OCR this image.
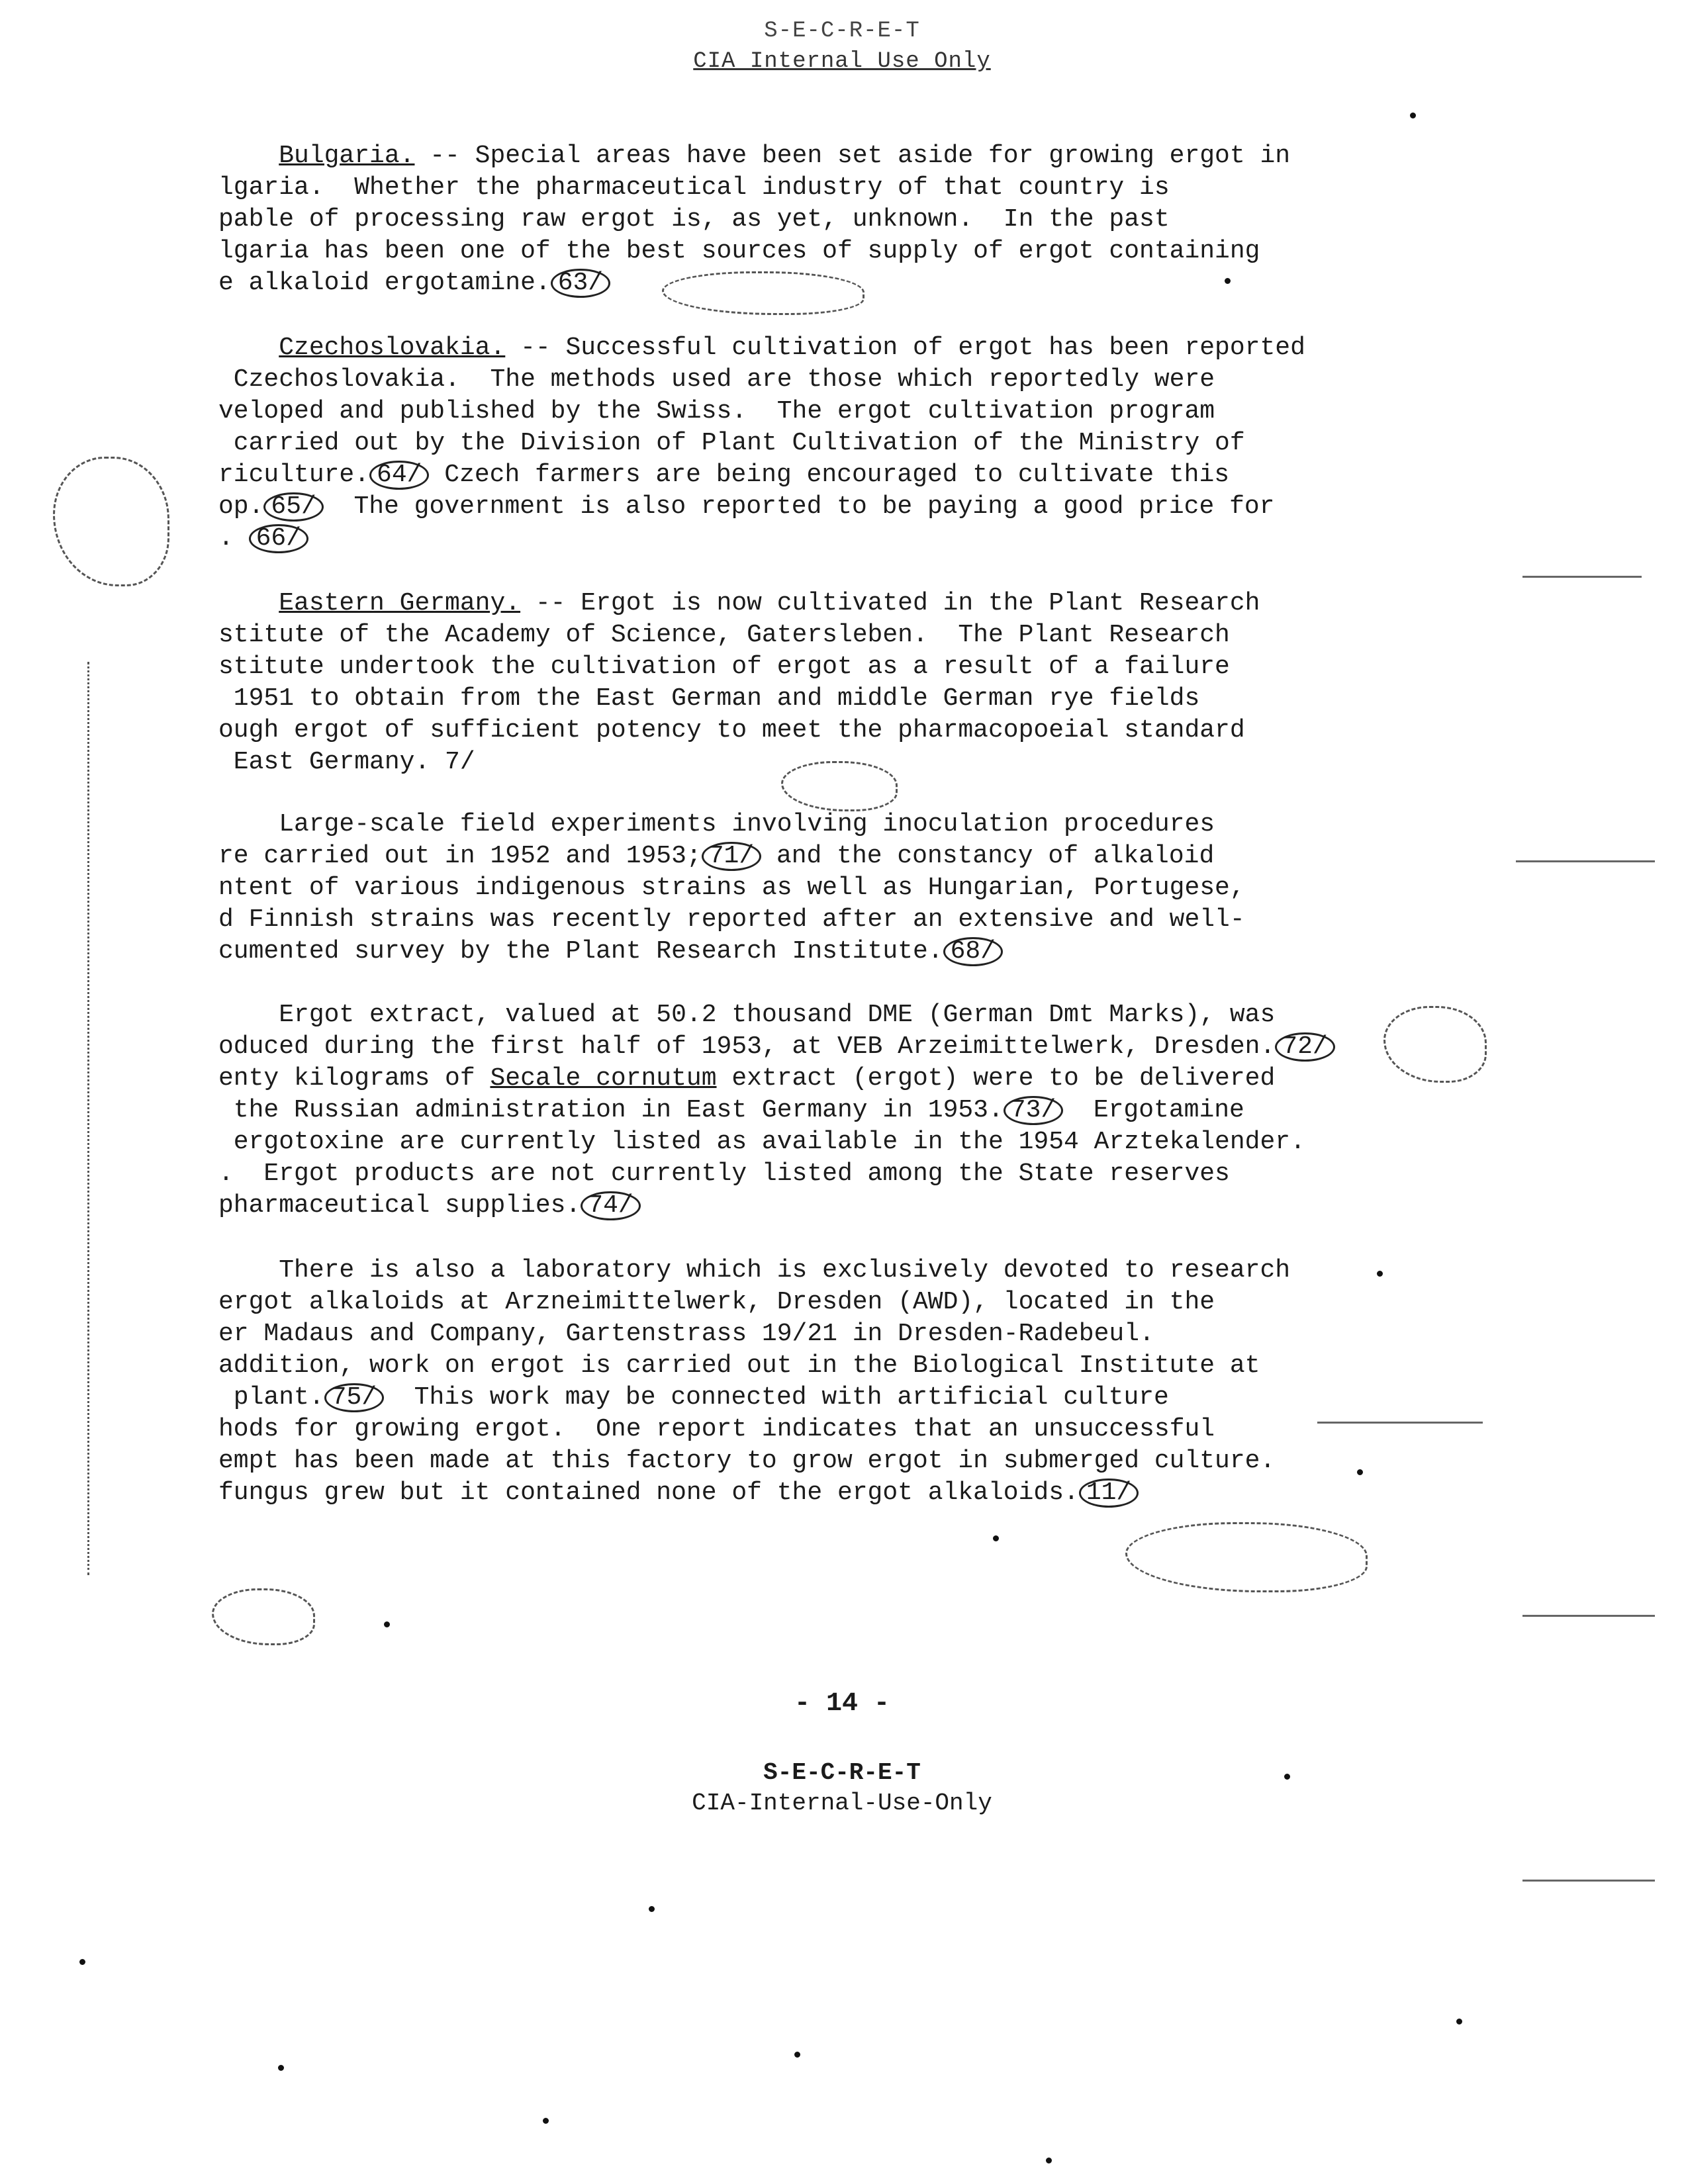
S-E-C-R-E-T
CIA Internal Use Only
Bulgaria. -- Special areas have been set aside for growing ergot in
lgaria.  Whether the pharmaceutical industry of that country is
pable of processing raw ergot is, as yet, unknown.  In the past
lgaria has been one of the best sources of supply of ergot containing
e alkaloid ergotamine. 63/
Czechoslovakia. -- Successful cultivation of ergot has been reported
Czechoslovakia.  The methods used are those which reportedly were
veloped and published by the Swiss.  The ergot cultivation program
carried out by the Division of Plant Cultivation of the Ministry of
riculture. 64/ Czech farmers are being encouraged to cultivate this
op. 65/  The government is also reported to be paying a good price for
. 66/
Eastern Germany. -- Ergot is now cultivated in the Plant Research
stitute of the Academy of Science, Gatersleben.  The Plant Research
stitute undertook the cultivation of ergot as a result of a failure
1951 to obtain from the East German and middle German rye fields
ough ergot of sufficient potency to meet the pharmacopoeial standard
East Germany. 7/
Large-scale field experiments involving inoculation procedures
re carried out in 1952 and 1953; 71/ and the constancy of alkaloid
ntent of various indigenous strains as well as Hungarian, Portugese,
d Finnish strains was recently reported after an extensive and well-
cumented survey by the Plant Research Institute. 68/
Ergot extract, valued at 50.2 thousand DME (German Dmt Marks), was
oduced during the first half of 1953, at VEB Arzeimittelwerk, Dresden. 72/
enty kilograms of Secale cornutum extract (ergot) were to be delivered
the Russian administration in East Germany in 1953. 73/  Ergotamine
ergotoxine are currently listed as available in the 1954 Arztekalender.
.  Ergot products are not currently listed among the State reserves
pharmaceutical supplies. 74/
There is also a laboratory which is exclusively devoted to research
ergot alkaloids at Arzneimittelwerk, Dresden (AWD), located in the
er Madaus and Company, Gartenstrass 19/21 in Dresden-Radebeul.
addition, work on ergot is carried out in the Biological Institute at
plant. 75/  This work may be connected with artificial culture
hods for growing ergot.  One report indicates that an unsuccessful
empt has been made at this factory to grow ergot in submerged culture.
fungus grew but it contained none of the ergot alkaloids. 11/
- 14 -
S-E-C-R-E-T
CIA-Internal-Use-Only
